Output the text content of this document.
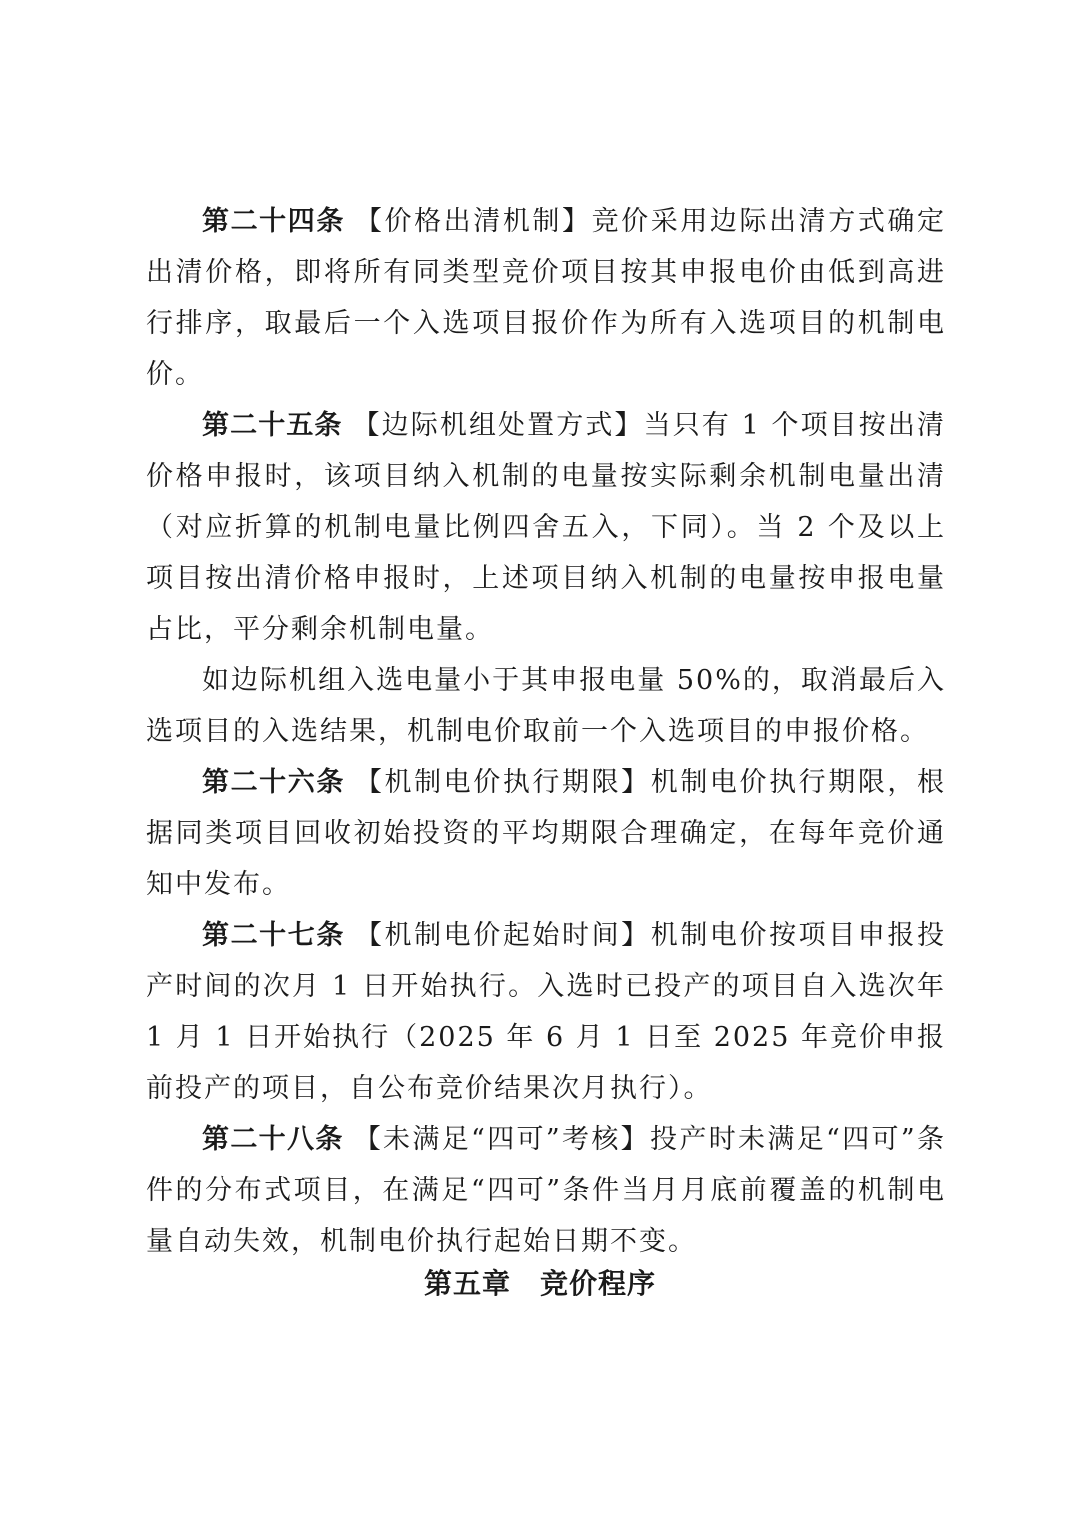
第二十四条 【价格出清机制】竞价采用边际出清方式确定出清价格，即将所有同类型竞价项目按其申报电价由低到高进行排序，取最后一个入选项目报价作为所有入选项目的机制电价。

第二十五条 【边际机组处置方式】当只有 1 个项目按出清价格申报时，该项目纳入机制的电量按实际剩余机制电量出清（对应折算的机制电量比例四舍五入，下同）。当 2 个及以上项目按出清价格申报时，上述项目纳入机制的电量按申报电量占比，平分剩余机制电量。

如边际机组入选电量小于其申报电量 50%的，取消最后入选项目的入选结果，机制电价取前一个入选项目的申报价格。

第二十六条 【机制电价执行期限】机制电价执行期限，根据同类项目回收初始投资的平均期限合理确定，在每年竞价通知中发布。

第二十七条 【机制电价起始时间】机制电价按项目申报投产时间的次月 1 日开始执行。入选时已投产的项目自入选次年 1 月 1 日开始执行（2025 年 6 月 1 日至 2025 年竞价申报前投产的项目，自公布竞价结果次月执行）。

第二十八条 【未满足“四可”考核】投产时未满足“四可”条件的分布式项目，在满足“四可”条件当月月底前覆盖的机制电量自动失效，机制电价执行起始日期不变。

第五章　竞价程序
